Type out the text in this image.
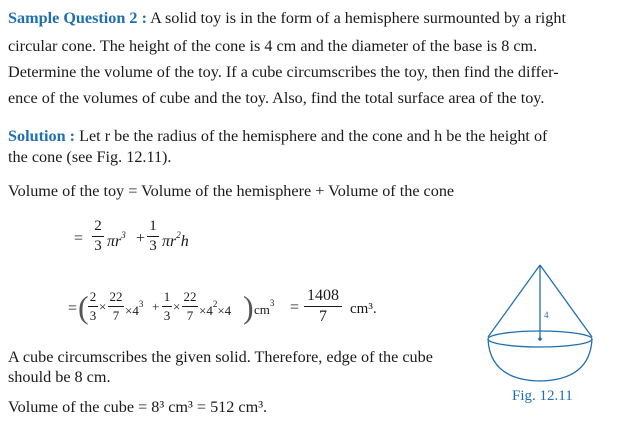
Sample Question 2 : A solid toy is in the form of a hemisphere surmounted by a right
circular cone. The height of the cone is 4 cm and the diameter of the base is 8 cm.
Determine the volume of the toy. If a cube circumscribes the toy, then find the differ-
ence of the volumes of cube and the toy. Also, find the total surface area of the toy.
Solution : Let r be the radius of the hemisphere and the cone and h be the height of
the cone (see Fig. 12.11).
Volume of the toy = Volume of the hemisphere + Volume of the cone
=
2
3 $\pi r^3$ +
1
3 $\pi r^2h$
= ( 2
3
×
22
$7 \times 4^3$ +
1
3
×
22
$7 \times 4^2\times 4$ ) $cm^3$ =
1408
7	cm³.
A cube circumscribes the given solid. Therefore, edge of the cube
should be 8 cm.
Volume of the cube = 8³ cm³ = 512 cm³.
4
Fig. 12.11
